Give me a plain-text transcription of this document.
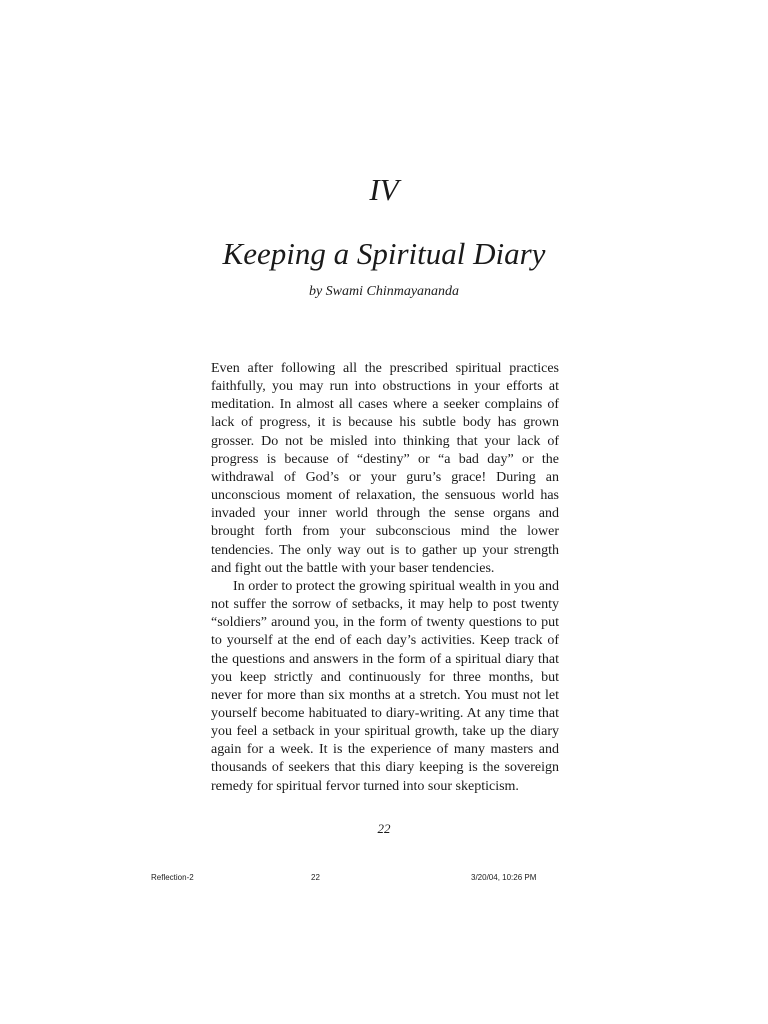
IV
Keeping a Spiritual Diary
by Swami Chinmayananda

Even after following all the prescribed spiritual practices faithfully, you may run into obstructions in your efforts at meditation. In almost all cases where a seeker complains of lack of progress, it is because his subtle body has grown grosser. Do not be misled into thinking that your lack of progress is because of “destiny” or “a bad day” or the withdrawal of God’s or your guru’s grace! During an unconscious moment of relaxation, the sensuous world has invaded your inner world through the sense organs and brought forth from your subconscious mind the lower tendencies. The only way out is to gather up your strength and fight out the battle with your baser tendencies.

In order to protect the growing spiritual wealth in you and not suffer the sorrow of setbacks, it may help to post twenty “soldiers” around you, in the form of twenty questions to put to yourself at the end of each day’s activities. Keep track of the questions and answers in the form of a spiritual diary that you keep strictly and continuously for three months, but never for more than six months at a stretch. You must not let yourself become habituated to diary-writing. At any time that you feel a setback in your spiritual growth, take up the diary again for a week. It is the experience of many masters and thousands of seekers that this diary keeping is the sovereign remedy for spiritual fervor turned into sour skepticism.

22
Reflection-2	22	3/20/04, 10:26 PM
